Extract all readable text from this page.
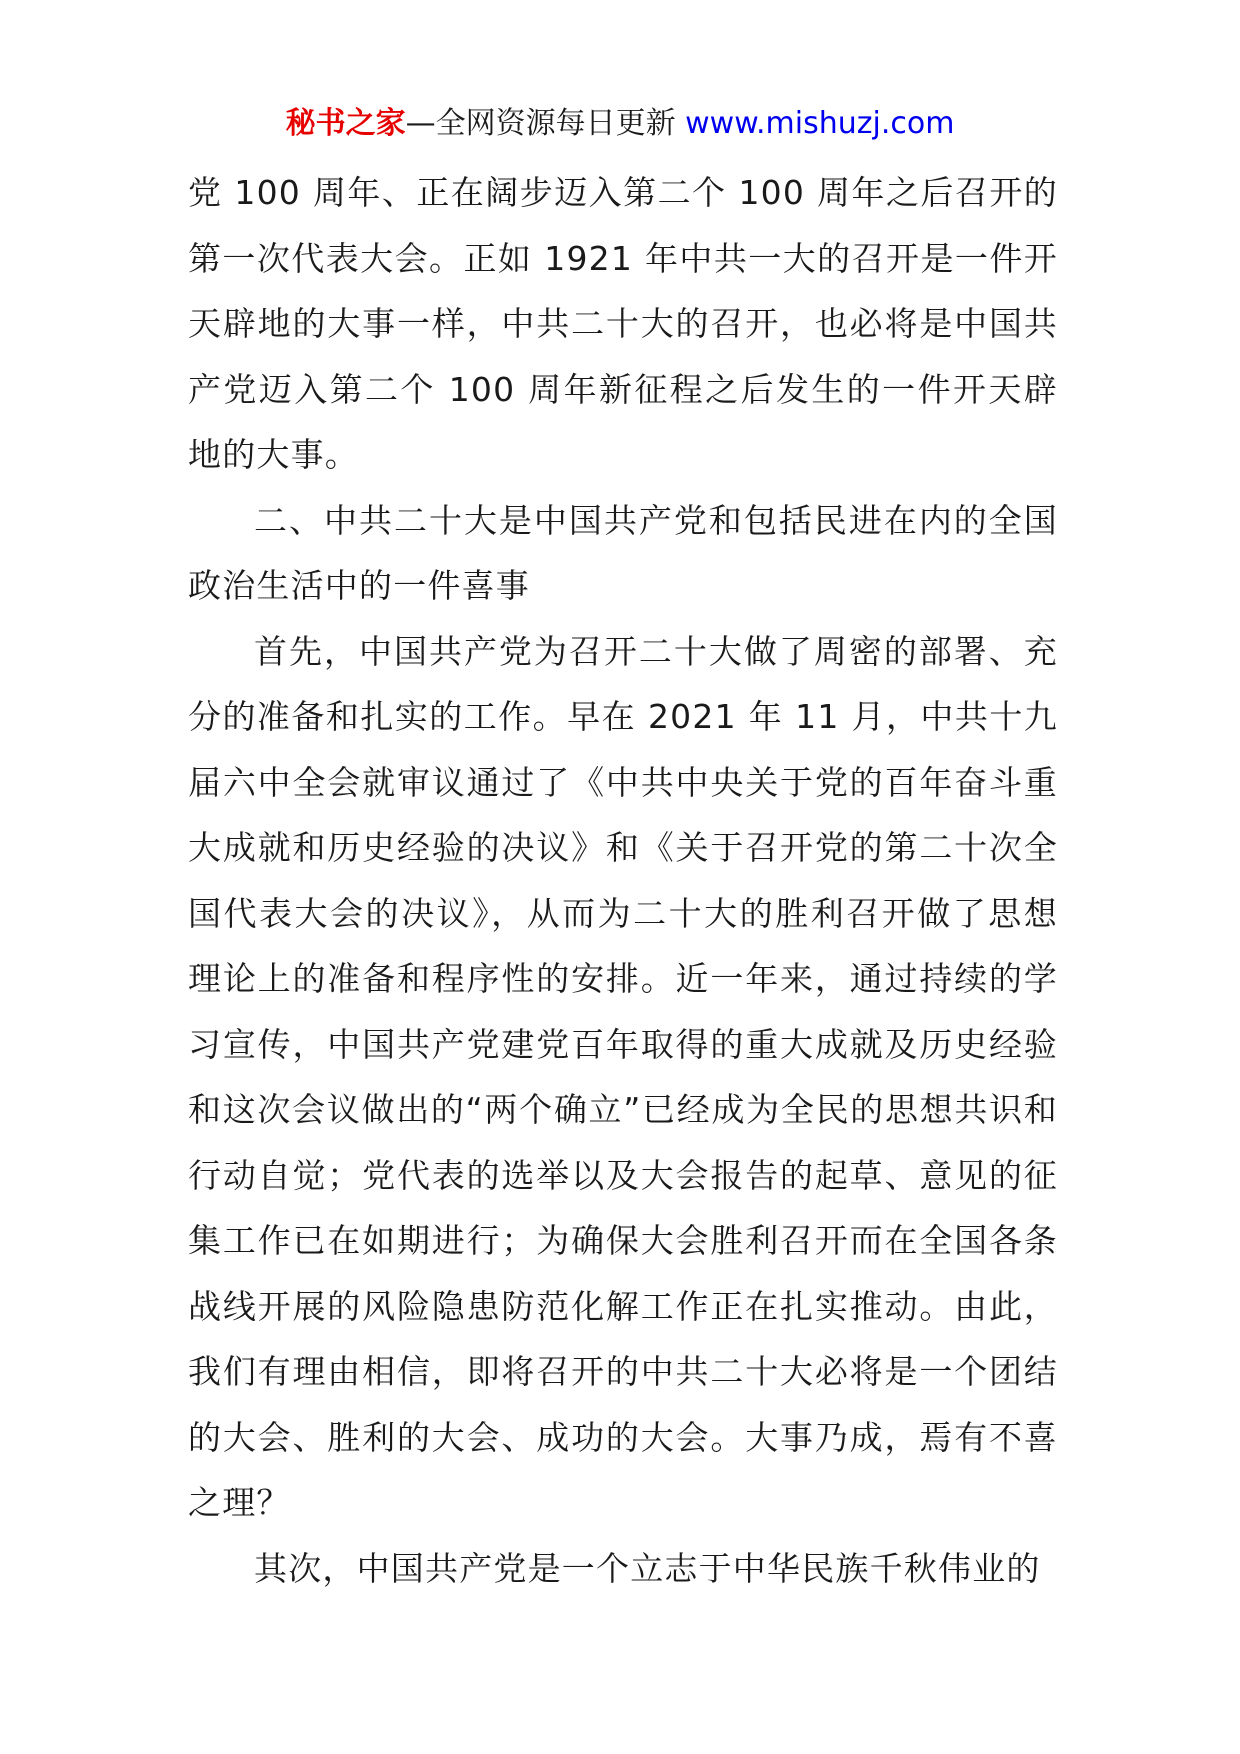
秘书之家—全网资源每日更新 www.mishuzj.com

党 100 周年、正在阔步迈入第二个 100 周年之后召开的第一次代表大会。正如 1921 年中共一大的召开是一件开天辟地的大事一样，中共二十大的召开，也必将是中国共产党迈入第二个 100 周年新征程之后发生的一件开天辟地的大事。

二、中共二十大是中国共产党和包括民进在内的全国政治生活中的一件喜事

首先，中国共产党为召开二十大做了周密的部署、充分的准备和扎实的工作。早在 2021 年 11 月，中共十九届六中全会就审议通过了《中共中央关于党的百年奋斗重大成就和历史经验的决议》和《关于召开党的第二十次全国代表大会的决议》，从而为二十大的胜利召开做了思想理论上的准备和程序性的安排。近一年来，通过持续的学习宣传，中国共产党建党百年取得的重大成就及历史经验和这次会议做出的“两个确立”已经成为全民的思想共识和行动自觉；党代表的选举以及大会报告的起草、意见的征集工作已在如期进行；为确保大会胜利召开而在全国各条战线开展的风险隐患防范化解工作正在扎实推动。由此，我们有理由相信，即将召开的中共二十大必将是一个团结的大会、胜利的大会、成功的大会。大事乃成，焉有不喜之理？

其次，中国共产党是一个立志于中华民族千秋伟业的
